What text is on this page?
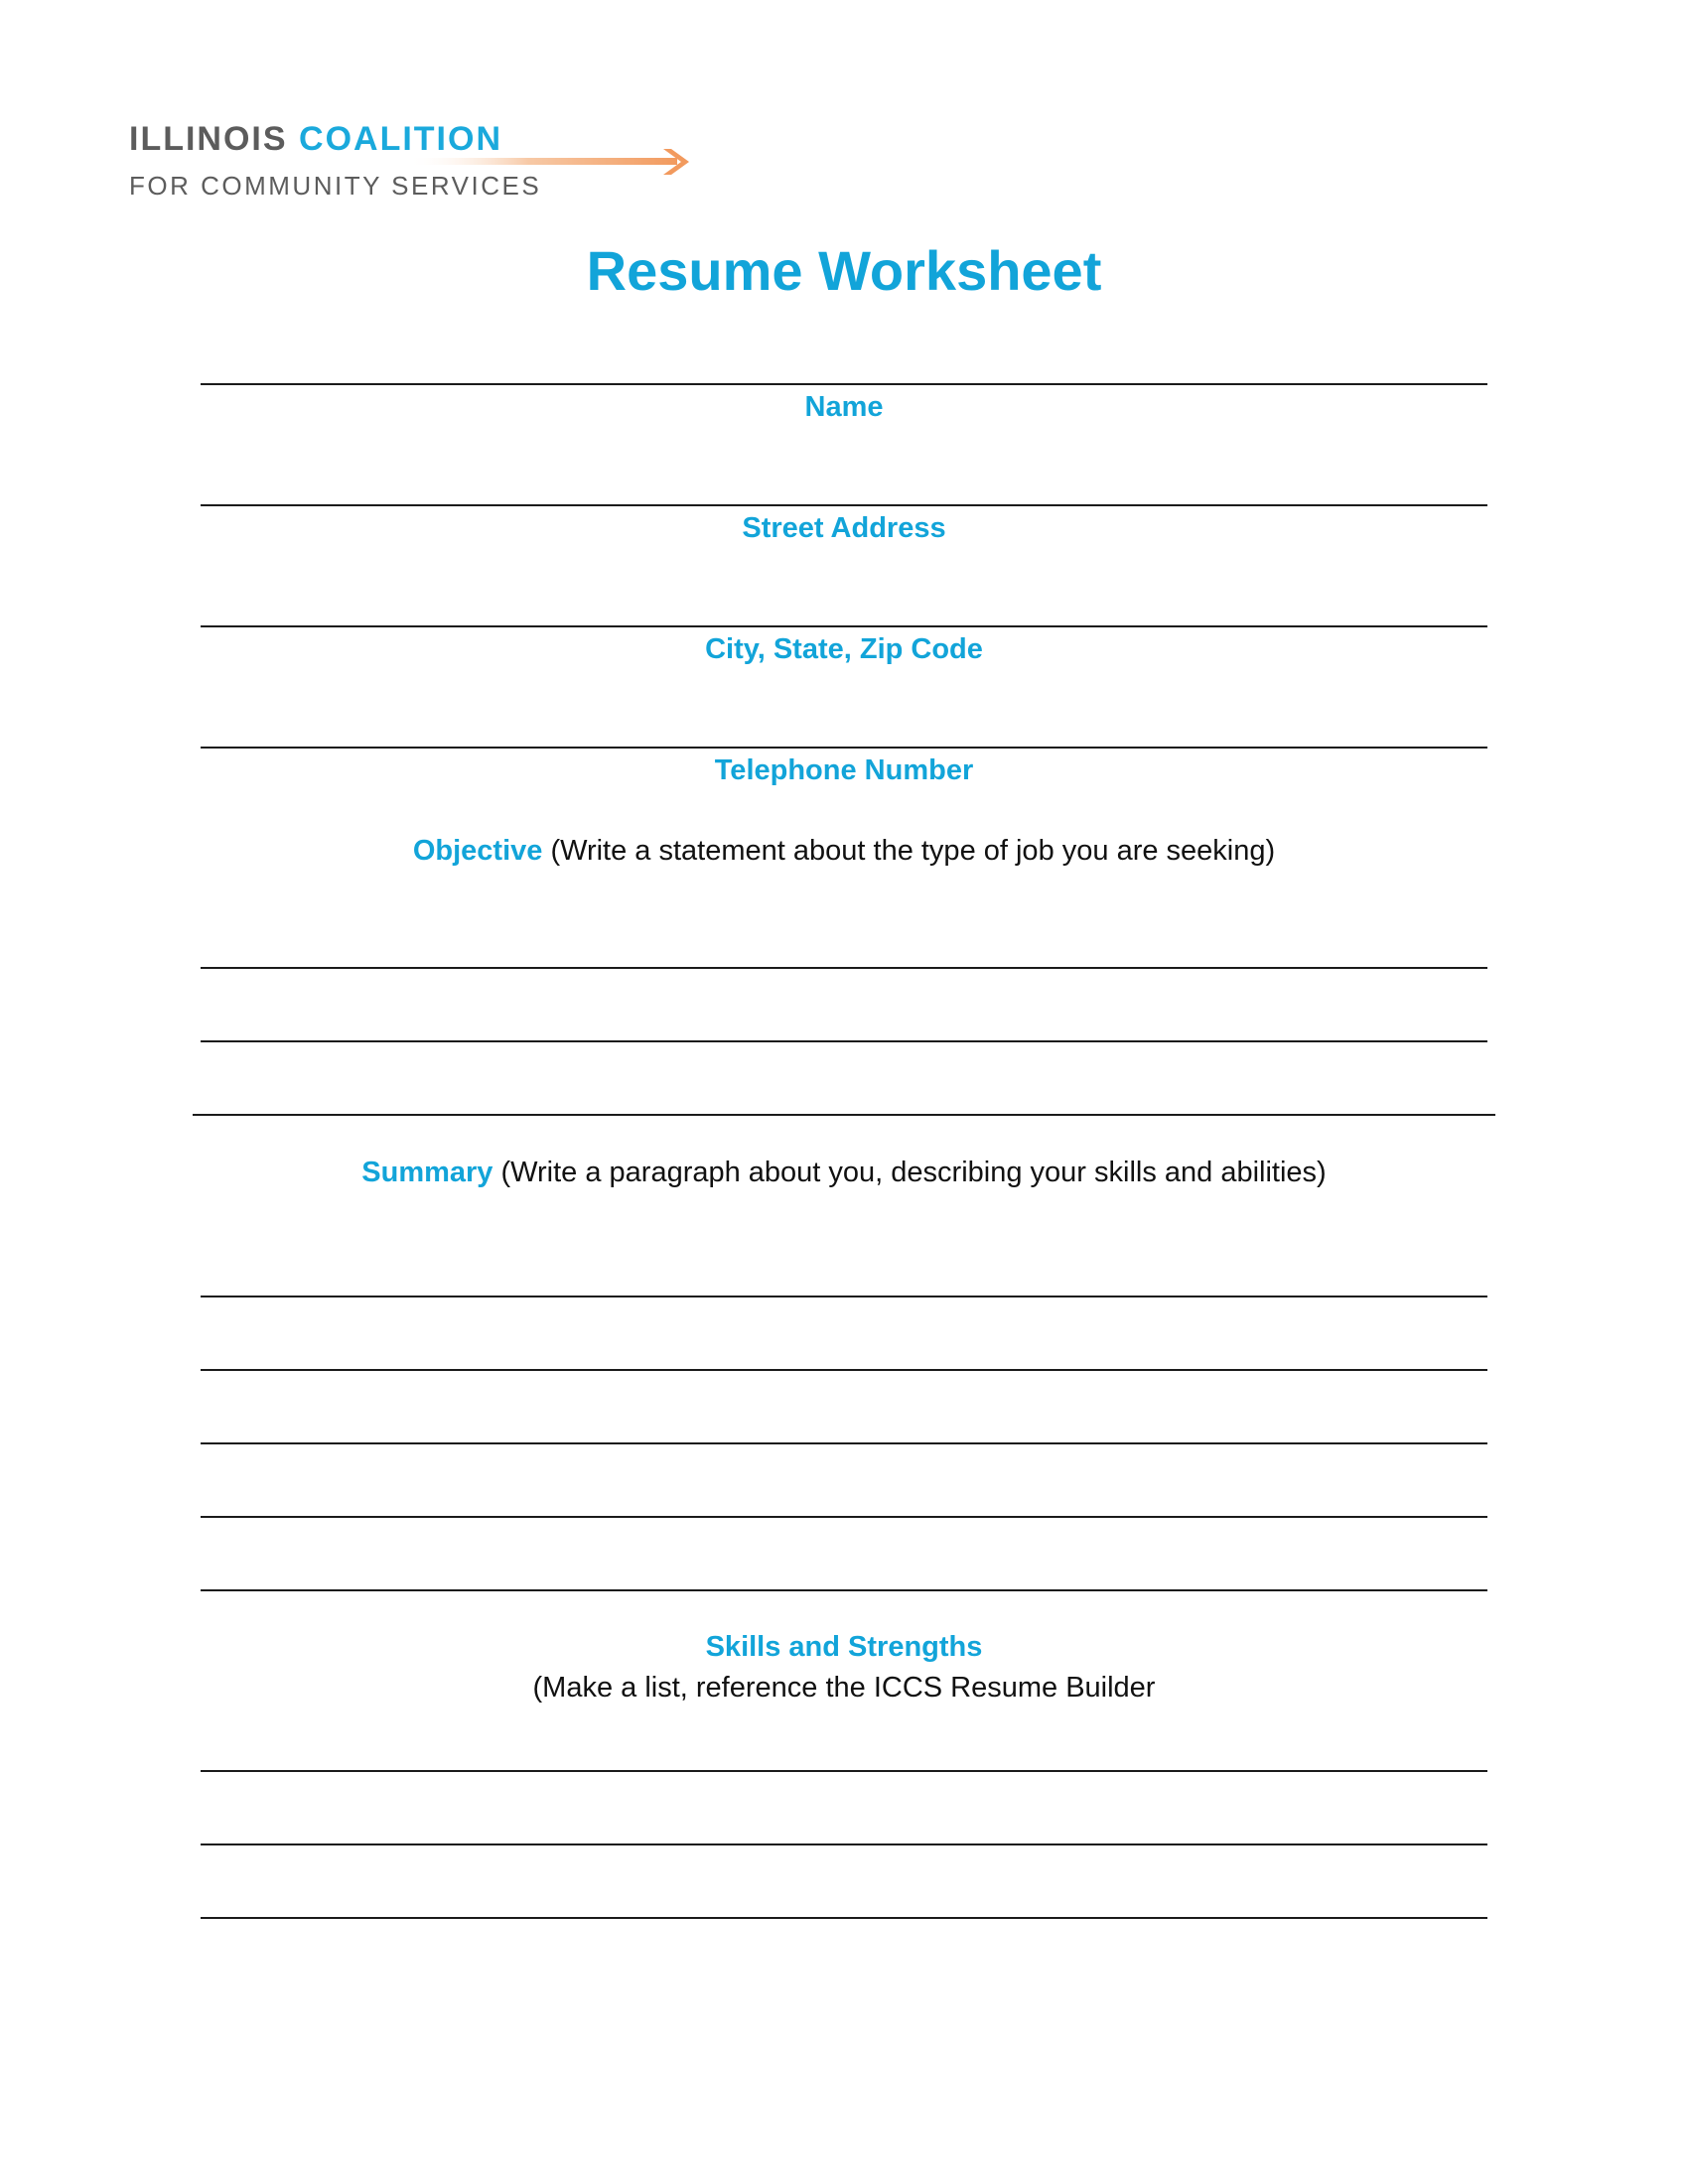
ILLINOIS COALITION
FOR COMMUNITY SERVICES
Resume Worksheet
Name
Street Address
City, State, Zip Code
Telephone Number
Objective (Write a statement about the type of job you are seeking)
Summary (Write a paragraph about you, describing your skills and abilities)
Skills and Strengths
(Make a list, reference the ICCS Resume Builder
